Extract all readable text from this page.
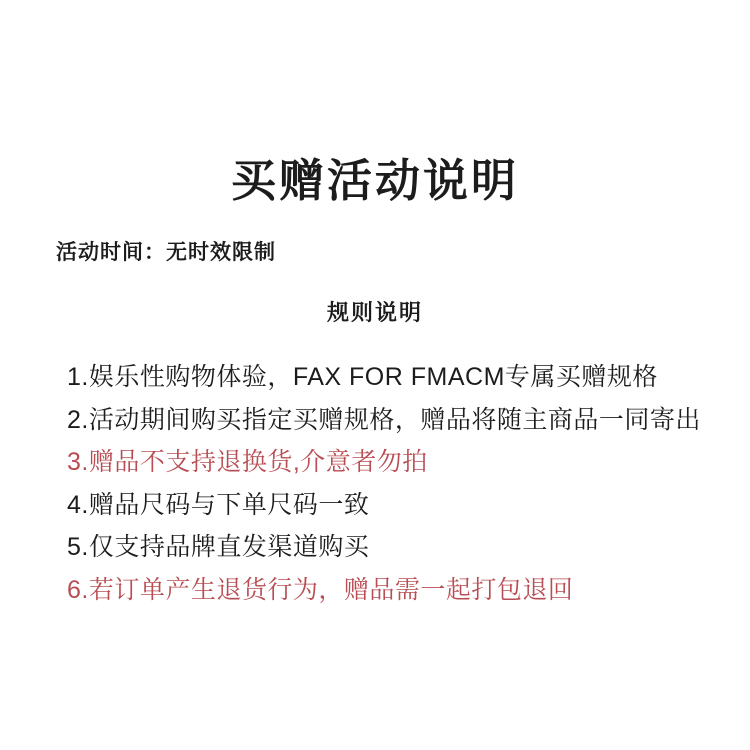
买赠活动说明
活动时间：无时效限制
规则说明
1.娱乐性购物体验，FAX FOR FMACM专属买赠规格
2.活动期间购买指定买赠规格，赠品将随主商品一同寄出
3.赠品不支持退换货,介意者勿拍
4.赠品尺码与下单尺码一致
5.仅支持品牌直发渠道购买
6.若订单产生退货行为，赠品需一起打包退回
